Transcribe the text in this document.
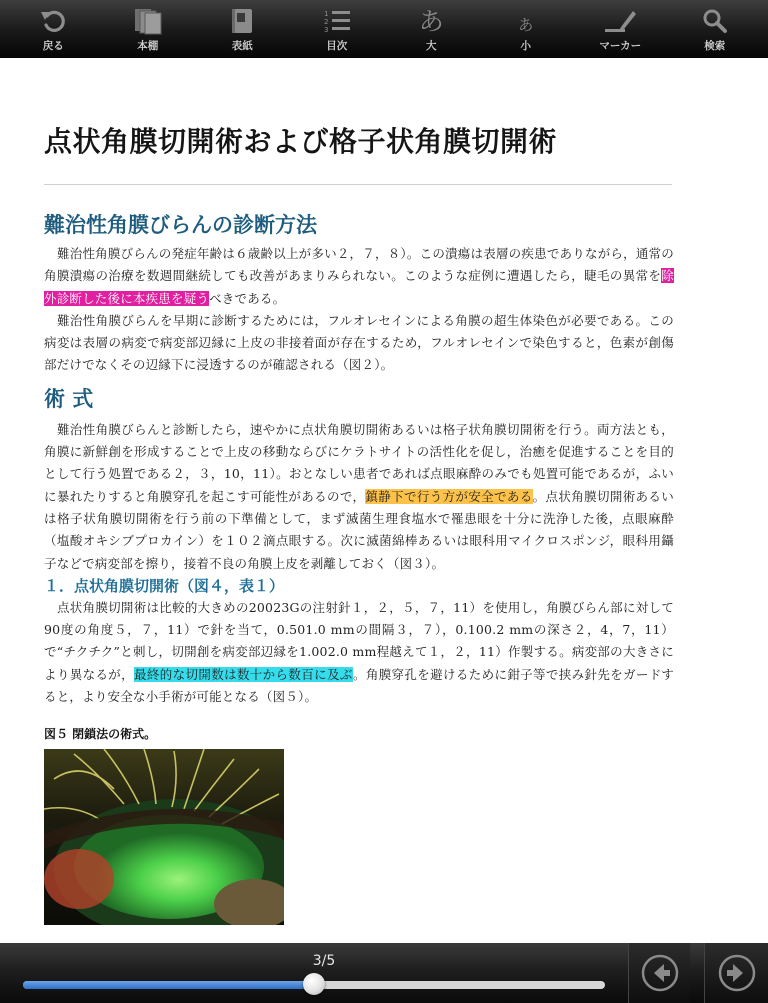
戻る	本棚	表紙
1
2
3
目次
あ
大
あ
小	マーカー	検索
点状角膜切開術および格子状角膜切開術
難治性角膜びらんの診断方法

難治性角膜びらんの発症年齢は６歳齢以上が多い２，７，８）。この潰瘍は表層の疾患でありながら，通常の角膜潰瘍の治療を数週間継続しても改善があまりみられない。このような症例に遭遇したら，睫毛の異常を除外診断した後に本疾患を疑うべきである。

難治性角膜びらんを早期に診断するためには，フルオレセインによる角膜の超生体染色が必要である。この病変は表層の病変で病変部辺縁に上皮の非接着面が存在するため，フルオレセインで染色すると，色素が創傷部だけでなくその辺縁下に浸透するのが確認される（図２）。

術 式

難治性角膜びらんと診断したら，速やかに点状角膜切開術あるいは格子状角膜切開術を行う。両方法とも，角膜に新鮮創を形成することで上皮の移動ならびにケラトサイトの活性化を促し，治癒を促進することを目的として行う処置である２，３，10，11）。おとなしい患者であれば点眼麻酔のみでも処置可能であるが，ふいに暴れたりすると角膜穿孔を起こす可能性があるので，鎮静下で行う方が安全である。点状角膜切開術あるいは格子状角膜切開術を行う前の下準備として，まず滅菌生理食塩水で罹患眼を十分に洗浄した後，点眼麻酔（塩酸オキシブプロカイン）を１０２滴点眼する。次に滅菌綿棒あるいは眼科用マイクロスポンジ，眼科用鑷子などで病変部を擦り，接着不良の角膜上皮を剥離しておく（図３）。

１．点状角膜切開術（図４，表１）

点状角膜切開術は比較的大きめの20023Gの注射針１，２，５，７，11）を使用し，角膜びらん部に対して90度の角度５，７，11）で針を当て，0.501.0 mmの間隔３，７），0.100.2 mmの深さ２，4，7，11）で“チクチク”と刺し，切開創を病変部辺縁を1.002.0 mm程越えて１，２，11）作製する。病変部の大きさにより異なるが，最終的な切開数は数十から数百に及ぶ。角膜穿孔を避けるために鉗子等で挟み針先をガードすると，より安全な小手術が可能となる（図５）。

図５ 閉鎖法の術式。
3/5
